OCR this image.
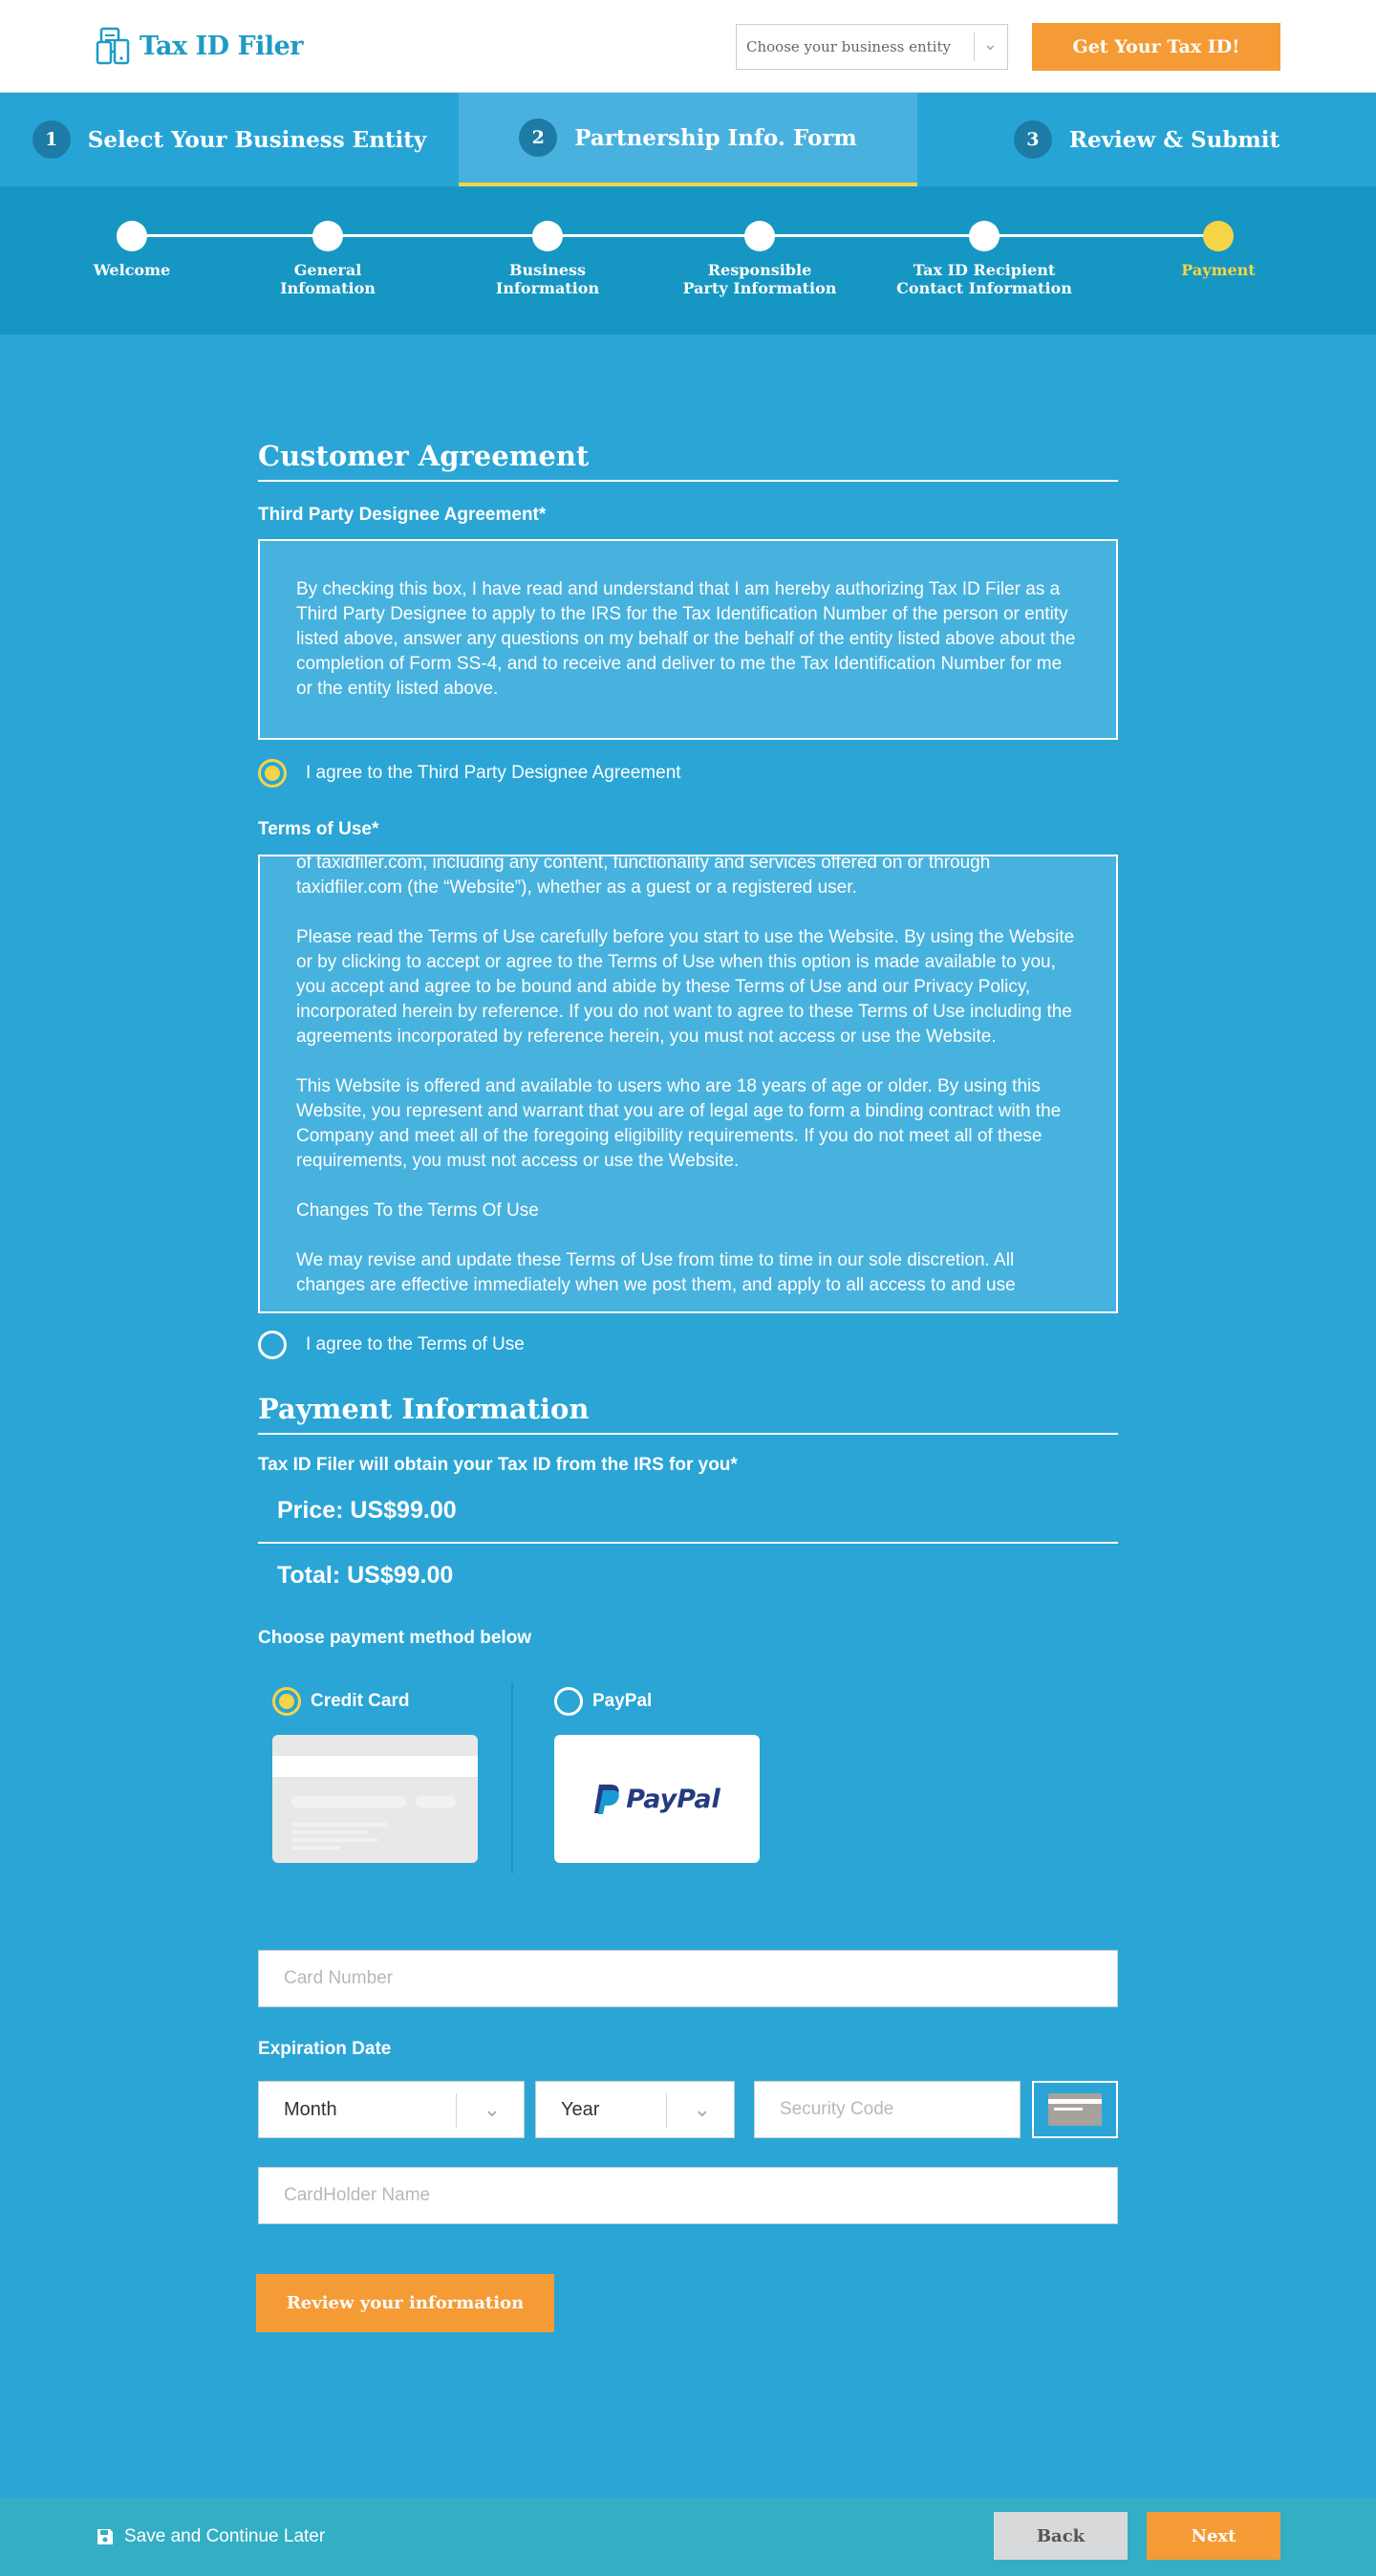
Tax ID Filer	Choose your business entity ⌄	Get Your Tax ID!
1	Select Your Business Entity	2	Partnership Info. Form	3	Review & Submit
Welcome	General
Infomation
Business
Information
Responsible
Party Information
Tax ID Recipient
Contact Information
Payment
Customer Agreement
Third Party Designee Agreement*
By checking this box, I have read and understand that I am hereby authorizing Tax ID Filer as a Third Party Designee to apply to the IRS for the Tax Identification Number of the person or entity listed above, answer any questions on my behalf or the behalf of the entity listed above about the completion of Form SS-4, and to receive and deliver to me the Tax Identification Number for me or the entity listed above.
I agree to the Third Party Designee Agreement
Terms of Use*

of taxidfiler.com, including any content, functionality and services offered on or through taxidfiler.com (the “Website”), whether as a guest or a registered user.

Please read the Terms of Use carefully before you start to use the Website. By using the Website or by clicking to accept or agree to the Terms of Use when this option is made available to you, you accept and agree to be bound and abide by these Terms of Use and our Privacy Policy, incorporated herein by reference. If you do not want to agree to these Terms of Use including the agreements incorporated by reference herein, you must not access or use the Website.

This Website is offered and available to users who are 18 years of age or older. By using this Website, you represent and warrant that you are of legal age to form a binding contract with the Company and meet all of the foregoing eligibility requirements. If you do not meet all of these requirements, you must not access or use the Website.

Changes To the Terms Of Use

We may revise and update these Terms of Use from time to time in our sole discretion. All changes are effective immediately when we post them, and apply to all access to and use

I agree to the Terms of Use
Payment Information
Tax ID Filer will obtain your Tax ID from the IRS for you*
Price: US$99.00
Total: US$99.00
Choose payment method below
Credit Card	PayPal
PayPal
Card Number
Expiration Date
Month	⌄	Year	⌄	Security Code
CardHolder Name
Review your information
Save and Continue Later	Back	Next
